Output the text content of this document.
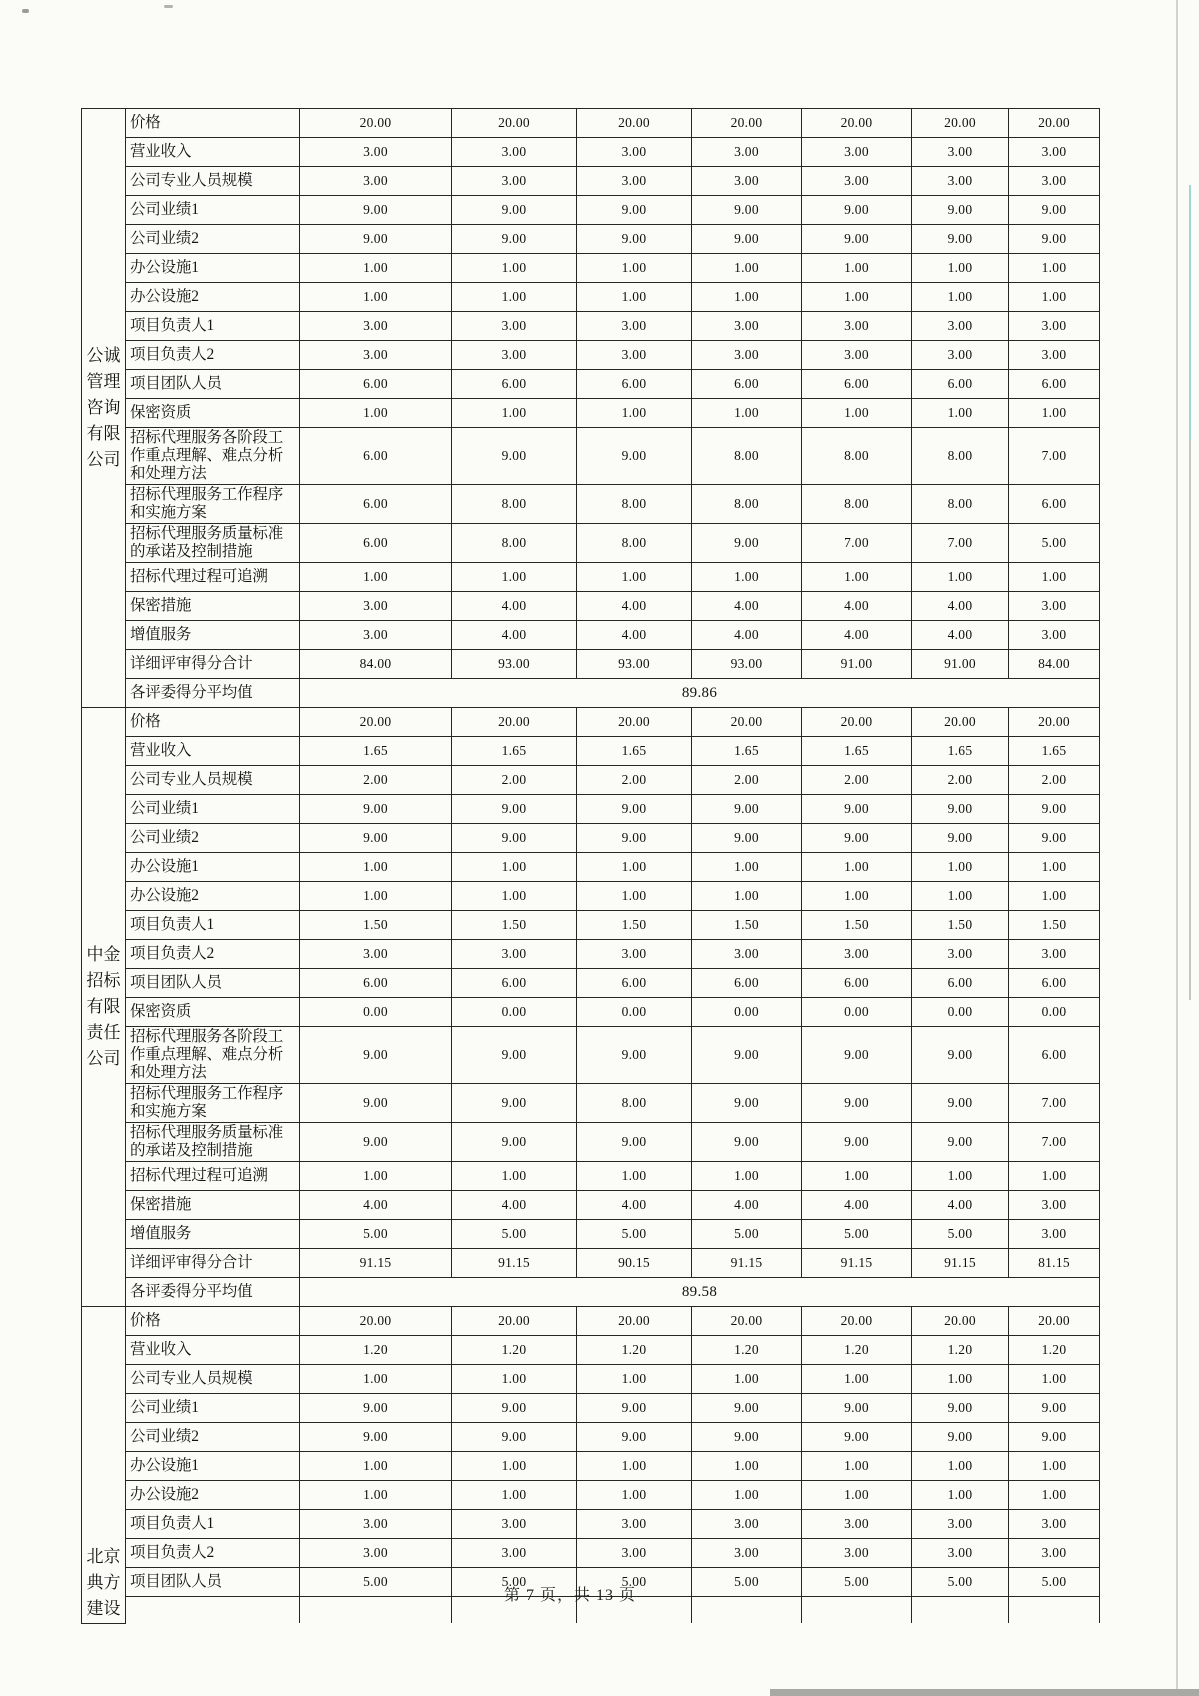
公诚
管理
咨询
有限
公司	价格	20.00	20.00	20.00	20.00	20.00	20.00	20.00
	营业收入	3.00	3.00	3.00	3.00	3.00	3.00	3.00
	公司专业人员规模	3.00	3.00	3.00	3.00	3.00	3.00	3.00
	公司业绩1	9.00	9.00	9.00	9.00	9.00	9.00	9.00
	公司业绩2	9.00	9.00	9.00	9.00	9.00	9.00	9.00
	办公设施1	1.00	1.00	1.00	1.00	1.00	1.00	1.00
	办公设施2	1.00	1.00	1.00	1.00	1.00	1.00	1.00
	项目负责人1	3.00	3.00	3.00	3.00	3.00	3.00	3.00
	项目负责人2	3.00	3.00	3.00	3.00	3.00	3.00	3.00
	项目团队人员	6.00	6.00	6.00	6.00	6.00	6.00	6.00
	保密资质	1.00	1.00	1.00	1.00	1.00	1.00	1.00
	招标代理服务各阶段工作重点理解、难点分析和处理方法	6.00	9.00	9.00	8.00	8.00	8.00	7.00
	招标代理服务工作程序和实施方案	6.00	8.00	8.00	8.00	8.00	8.00	6.00
	招标代理服务质量标准的承诺及控制措施	6.00	8.00	8.00	9.00	7.00	7.00	5.00
	招标代理过程可追溯	1.00	1.00	1.00	1.00	1.00	1.00	1.00
	保密措施	3.00	4.00	4.00	4.00	4.00	4.00	3.00
	增值服务	3.00	4.00	4.00	4.00	4.00	4.00	3.00
	详细评审得分合计	84.00	93.00	93.00	93.00	91.00	91.00	84.00
	各评委得分平均值	89.86						

中金
招标
有限
责任
公司	价格	20.00	20.00	20.00	20.00	20.00	20.00	20.00
	营业收入	1.65	1.65	1.65	1.65	1.65	1.65	1.65
	公司专业人员规模	2.00	2.00	2.00	2.00	2.00	2.00	2.00
	公司业绩1	9.00	9.00	9.00	9.00	9.00	9.00	9.00
	公司业绩2	9.00	9.00	9.00	9.00	9.00	9.00	9.00
	办公设施1	1.00	1.00	1.00	1.00	1.00	1.00	1.00
	办公设施2	1.00	1.00	1.00	1.00	1.00	1.00	1.00
	项目负责人1	1.50	1.50	1.50	1.50	1.50	1.50	1.50
	项目负责人2	3.00	3.00	3.00	3.00	3.00	3.00	3.00
	项目团队人员	6.00	6.00	6.00	6.00	6.00	6.00	6.00
	保密资质	0.00	0.00	0.00	0.00	0.00	0.00	0.00
	招标代理服务各阶段工作重点理解、难点分析和处理方法	9.00	9.00	9.00	9.00	9.00	9.00	6.00
	招标代理服务工作程序和实施方案	9.00	9.00	8.00	9.00	9.00	9.00	7.00
	招标代理服务质量标准的承诺及控制措施	9.00	9.00	9.00	9.00	9.00	9.00	7.00
	招标代理过程可追溯	1.00	1.00	1.00	1.00	1.00	1.00	1.00
	保密措施	4.00	4.00	4.00	4.00	4.00	4.00	3.00
	增值服务	5.00	5.00	5.00	5.00	5.00	5.00	3.00
	详细评审得分合计	91.15	91.15	90.15	91.15	91.15	91.15	81.15
	各评委得分平均值	89.58						

北京
典方
建设	价格	20.00	20.00	20.00	20.00	20.00	20.00	20.00
	营业收入	1.20	1.20	1.20	1.20	1.20	1.20	1.20
	公司专业人员规模	1.00	1.00	1.00	1.00	1.00	1.00	1.00
	公司业绩1	9.00	9.00	9.00	9.00	9.00	9.00	9.00
	公司业绩2	9.00	9.00	9.00	9.00	9.00	9.00	9.00
	办公设施1	1.00	1.00	1.00	1.00	1.00	1.00	1.00
	办公设施2	1.00	1.00	1.00	1.00	1.00	1.00	1.00
	项目负责人1	3.00	3.00	3.00	3.00	3.00	3.00	3.00
	项目负责人2	3.00	3.00	3.00	3.00	3.00	3.00	3.00
	项目团队人员	5.00	5.00	5.00	5.00	5.00	5.00	5.00

第 7 页，共 13 页
